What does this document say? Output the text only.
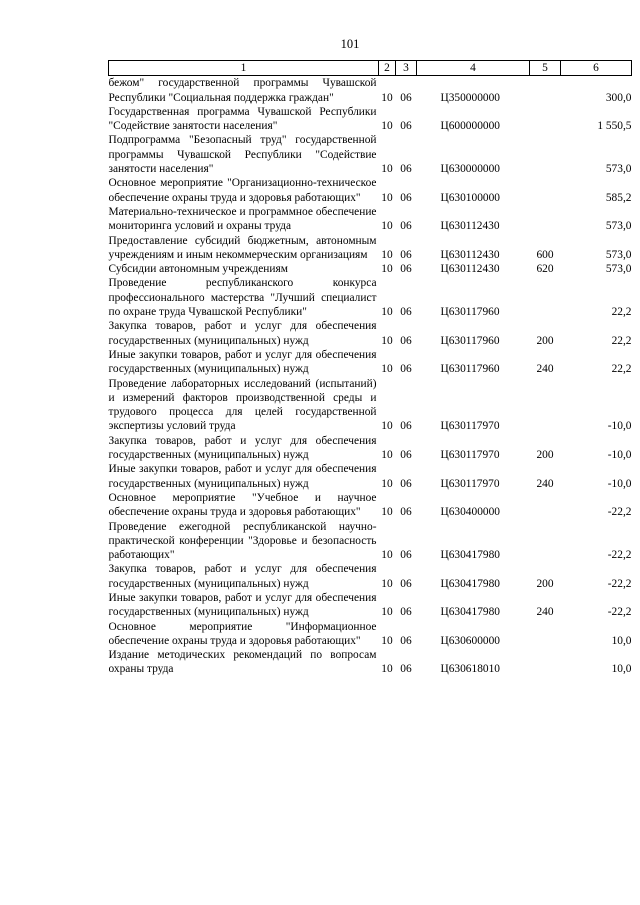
101
1	2	3	4	5	6
бежом" государственной программы Чувашской Республики "Социальная поддержка граждан"	10	06	Ц350000000		300,0
Государственная программа Чувашской Республики "Содействие занятости населения"	10	06	Ц600000000		1 550,5
Подпрограмма "Безопасный труд" государственной программы Чувашской Республики "Содействие занятости населения"	10	06	Ц630000000		573,0
Основное мероприятие "Организационно-техническое обеспечение охраны труда и здоровья работающих"	10	06	Ц630100000		585,2
Материально-техническое и программное обеспечение мониторинга условий и охраны труда	10	06	Ц630112430		573,0
Предоставление субсидий бюджетным, автономным учреждениям и иным некоммерческим организациям	10	06	Ц630112430	600	573,0
Субсидии автономным учреждениям	10	06	Ц630112430	620	573,0
Проведение республиканского конкурса профессионального мастерства "Лучший специалист по охране труда Чувашской Республики"	10	06	Ц630117960		22,2
Закупка товаров, работ и услуг для обеспечения государственных (муниципальных) нужд	10	06	Ц630117960	200	22,2
Иные закупки товаров, работ и услуг для обеспечения государственных (муниципальных) нужд	10	06	Ц630117960	240	22,2
Проведение лабораторных исследований (испытаний) и измерений факторов производственной среды и трудового процесса для целей государственной экспертизы условий труда	10	06	Ц630117970		-10,0
Закупка товаров, работ и услуг для обеспечения государственных (муниципальных) нужд	10	06	Ц630117970	200	-10,0
Иные закупки товаров, работ и услуг для обеспечения государственных (муниципальных) нужд	10	06	Ц630117970	240	-10,0
Основное мероприятие "Учебное и научное обеспечение охраны труда и здоровья работающих"	10	06	Ц630400000		-22,2
Проведение ежегодной республиканской научно-практической конференции "Здоровье и безопасность работающих"	10	06	Ц630417980		-22,2
Закупка товаров, работ и услуг для обеспечения государственных (муниципальных) нужд	10	06	Ц630417980	200	-22,2
Иные закупки товаров, работ и услуг для обеспечения государственных (муниципальных) нужд	10	06	Ц630417980	240	-22,2
Основное мероприятие "Информационное обеспечение охраны труда и здоровья работающих"	10	06	Ц630600000		10,0
Издание методических рекомендаций по вопросам охраны труда	10	06	Ц630618010		10,0
